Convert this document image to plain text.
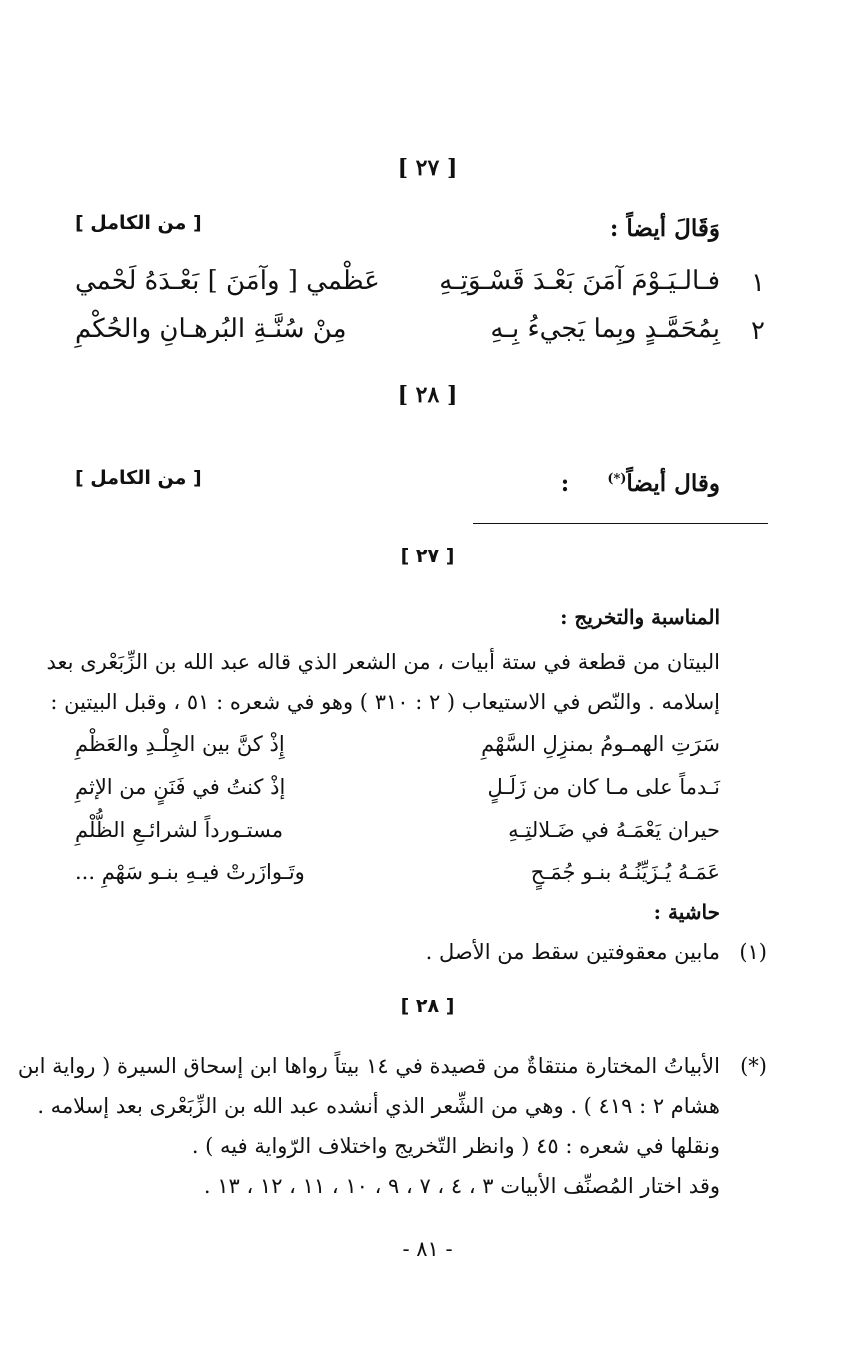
[ ٢٧ ]
وَقَالَ أيضاً :
[ من الكامل ]
١
فـالـيَـوْمَ آمَنَ بَعْـدَ قَسْـوَتِـهِ
عَظْمي [ وآمَنَ ] بَعْـدَهُ لَحْمي
٢
بِمُحَمَّـدٍ وبِما يَجيءُ بِـهِ
مِنْ سُنَّـةِ البُرهـانِ والحُكْمِ
[ ٢٨ ]
وقال أيضاً(*) :
[ من الكامل ]
[ ٢٧ ]
المناسبة والتخريج :
البيتان من قطعة في ستة أبيات ، من الشعر الذي قاله عبد الله بن الزِّبَعْرى بعد
إسلامه . والنّص في الاستيعاب ( ٢ : ٣١٠ ) وهو في شعره : ٥١ ، وقبل البيتين :
سَرَتِ الهمـومُ بمنزِلِ السَّهْمِ
إِذْ كنَّ بين الجِلْـدِ والعَظْمِ
نَـدماً على مـا كان من زَلَـلٍ
إذْ كنتُ في فَنَنٍ من الإثمِ
حيران يَعْمَـهُ في ضَـلالتِـهِ
مستـورداً لشرائـعِ الظُّلْمِ
عَمَـهُ يُـزَيِّنُـهُ بنـو جُمَـحٍ
وتَـوازَرتْ فيـهِ بنـو سَهْمِ ...
حاشية :
(١)
مابين معقوفتين سقط من الأصل .
[ ٢٨ ]
(*)
الأبياتُ المختارة منتقاةٌ من قصيدة في ١٤ بيتاً رواها ابن إسحاق السيرة ( رواية ابن
هشام ٢ : ٤١٩ ) . وهي من الشِّعر الذي أنشده عبد الله بن الزِّبَعْرى بعد إسلامه .
ونقلها في شعره : ٤٥ ( وانظر التّخريج واختلاف الرّواية فيه ) .
وقد اختار المُصنِّف الأبيات ٣ ، ٤ ، ٧ ، ٩ ، ١٠ ، ١١ ، ١٢ ، ١٣ .
- ٨١ -
